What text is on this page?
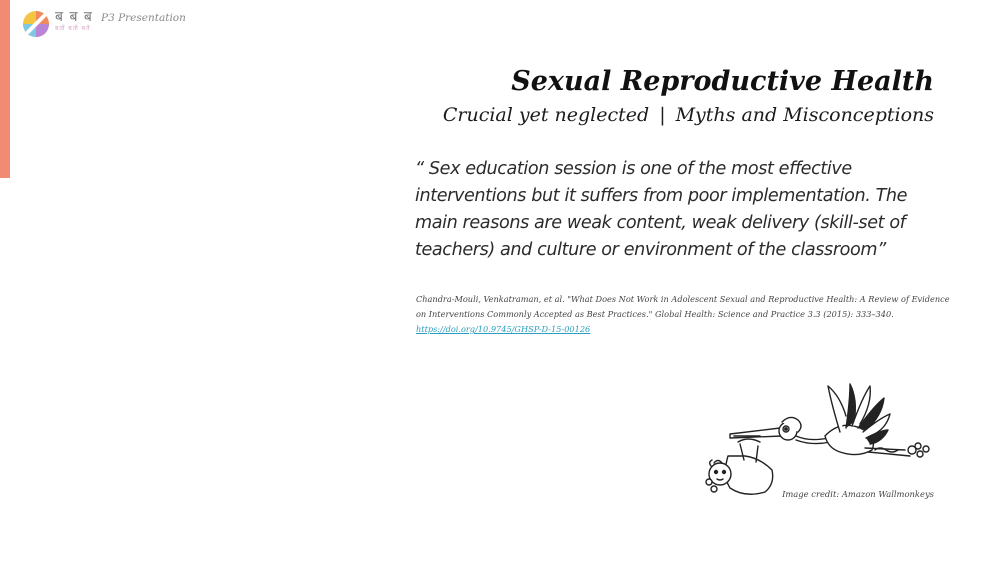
ब ब ब
बतों बतों बतें
P3 Presentation
Sexual Reproductive Health
Crucial yet neglected | Myths and Misconceptions
“ Sex education session is one of the most effective interventions but it suffers from poor implementation. The main reasons are weak content, weak delivery (skill-set of teachers) and culture or environment of the classroom”
Chandra-Mouli, Venkatraman, et al. "What Does Not Work in Adolescent Sexual and Reproductive Health: A Review of Evidence on Interventions Commonly Accepted as Best Practices." Global Health: Science and Practice 3.3 (2015): 333–340.
https://doi.org/10.9745/GHSP-D-15-00126
Image credit: Amazon Wallmonkeys
